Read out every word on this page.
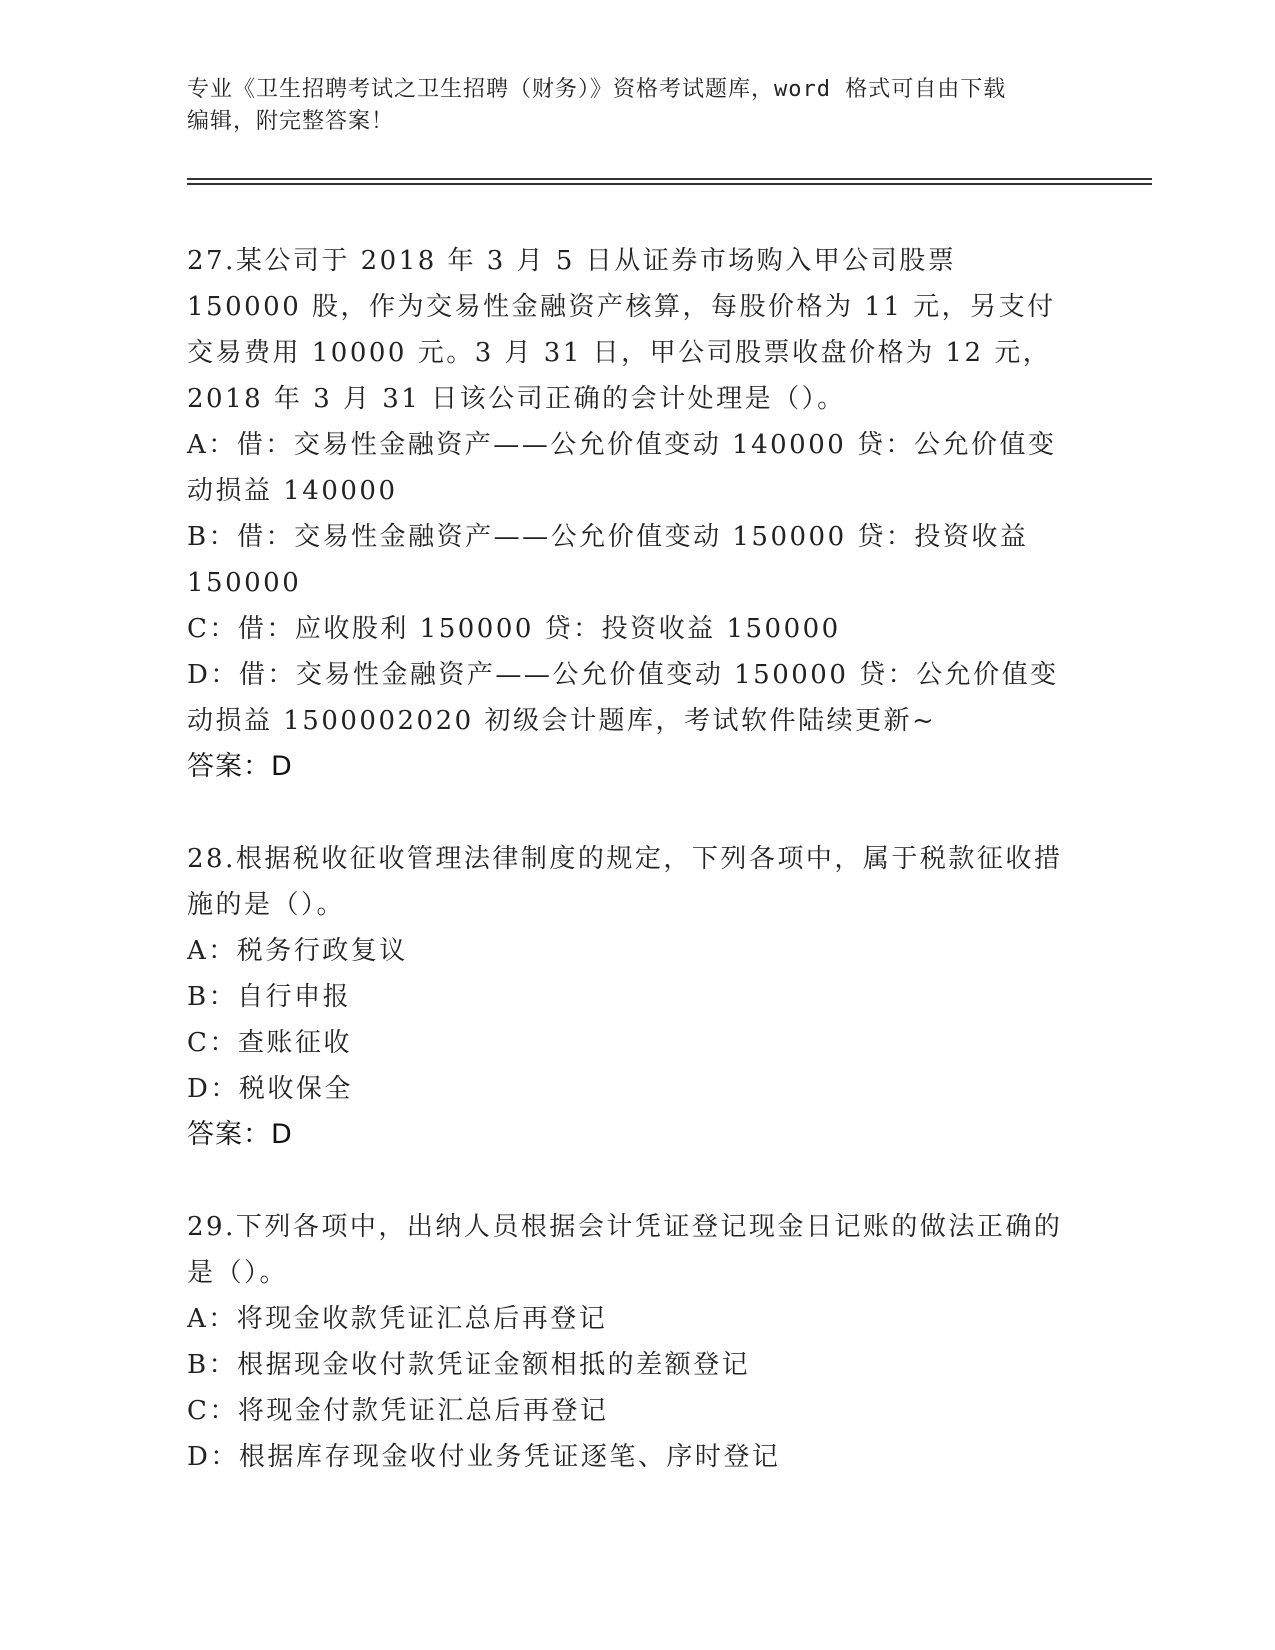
专业《卫生招聘考试之卫生招聘（财务）》资格考试题库，word 格式可自由下载
编辑，附完整答案！

27.某公司于 2018 年 3 月 5 日从证券市场购入甲公司股票 150000 股，作为交易性金融资产核算，每股价格为 11 元，另支付交易费用 10000 元。3 月 31 日，甲公司股票收盘价格为 12 元，2018 年 3 月 31 日该公司正确的会计处理是（）。

A：借：交易性金融资产——公允价值变动 140000 贷：公允价值变动损益 140000

B：借：交易性金融资产——公允价值变动 150000 贷：投资收益 150000

C：借：应收股利 150000 贷：投资收益 150000

D：借：交易性金融资产——公允价值变动 150000 贷：公允价值变动损益 1500002020 初级会计题库，考试软件陆续更新~

答案：D

28.根据税收征收管理法律制度的规定，下列各项中，属于税款征收措施的是（）。

A：税务行政复议

B：自行申报

C：查账征收

D：税收保全

答案：D

29.下列各项中，出纳人员根据会计凭证登记现金日记账的做法正确的是（）。

A：将现金收款凭证汇总后再登记

B：根据现金收付款凭证金额相抵的差额登记

C：将现金付款凭证汇总后再登记

D：根据库存现金收付业务凭证逐笔、序时登记
